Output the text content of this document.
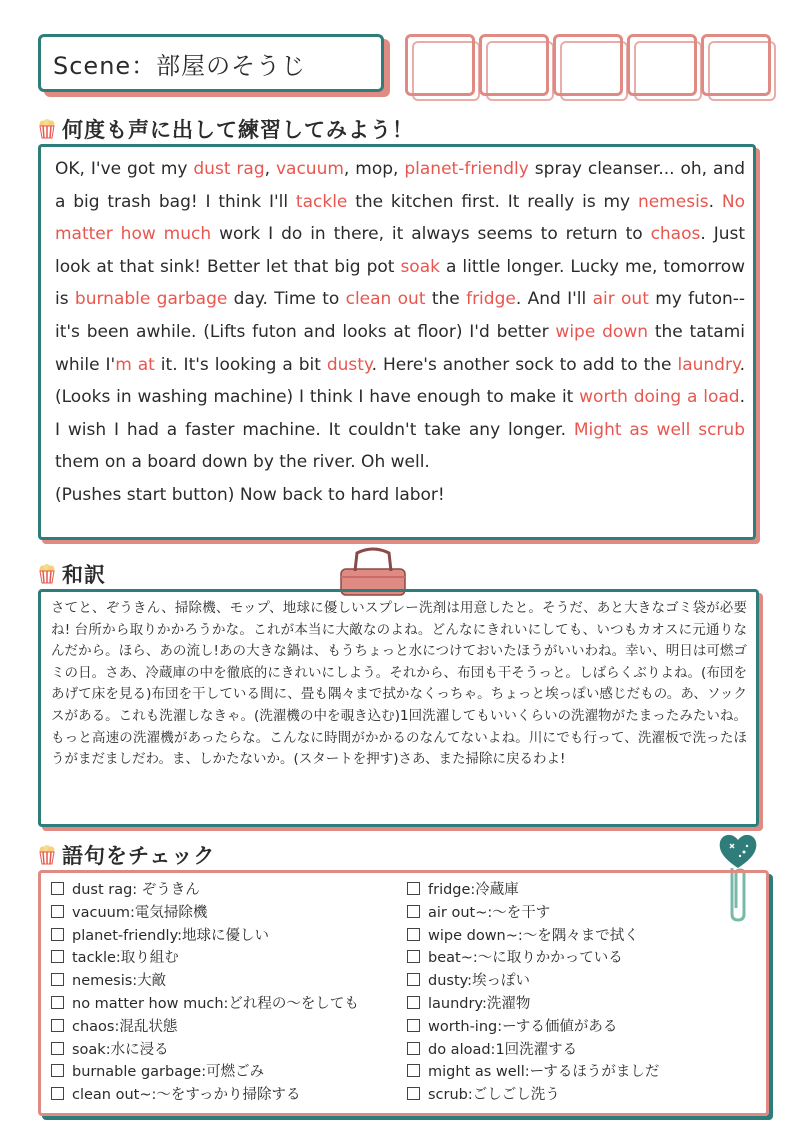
Scene：部屋のそうじ
何度も声に出して練習してみよう！
OK, I've got my dust rag, vacuum, mop, planet-friendly spray cleanser... oh, and a big trash bag! I think I'll tackle the kitchen first. It really is my nemesis. No matter how much work I do in there, it always seems to return to chaos. Just look at that sink! Better let that big pot soak a little longer. Lucky me, tomorrow is burnable garbage day. Time to clean out the fridge. And I'll air out my futon--it's been awhile. (Lifts futon and looks at floor) I'd better wipe down the tatami while I'm at it. It's looking a bit dusty. Here's another sock to add to the laundry. (Looks in washing machine) I think I have enough to make it worth doing a load. I wish I had a faster machine. It couldn't take any longer. Might as well scrub them on a board down by the river. Oh well.
(Pushes start button) Now back to hard labor!
和訳
さてと、ぞうきん、掃除機、モップ、地球に優しいスプレー洗剤は用意したと。そうだ、あと大きなゴミ袋が必要ね! 台所から取りかかろうかな。これが本当に大敵なのよね。どんなにきれいにしても、いつもカオスに元通りなんだから。ほら、あの流し!あの大きな鍋は、もうちょっと水につけておいたほうがいいわね。幸い、明日は可燃ゴミの日。さあ、冷蔵庫の中を徹底的にきれいにしよう。それから、布団も干そうっと。しばらくぶりよね。(布団をあげて床を見る)布団を干している間に、畳も隅々まで拭かなくっちゃ。ちょっと埃っぽい感じだもの。あ、ソックスがある。これも洗濯しなきゃ。(洗濯機の中を覗き込む)1回洗濯してもいいくらいの洗濯物がたまったみたいね。もっと高速の洗濯機があったらな。こんなに時間がかかるのなんてないよね。川にでも行って、洗濯板で洗ったほうがまだましだわ。ま、しかたないか。(スタートを押す)さあ、また掃除に戻るわよ!
語句をチェック
dust rag: ぞうきん
vacuum:電気掃除機
planet-friendly:地球に優しい
tackle:取り組む
nemesis:大敵
no matter how much:どれ程の～をしても
chaos:混乱状態
soak:水に浸る
burnable garbage:可燃ごみ
clean out~:～をすっかり掃除する
fridge:冷蔵庫
air out~:～を干す
wipe down~:～を隅々まで拭く
beat~:～に取りかかっている
dusty:埃っぽい
laundry:洗濯物
worth-ing:ーする価値がある
do aload:1回洗濯する
might as well:ーするほうがましだ
scrub:ごしごし洗う
